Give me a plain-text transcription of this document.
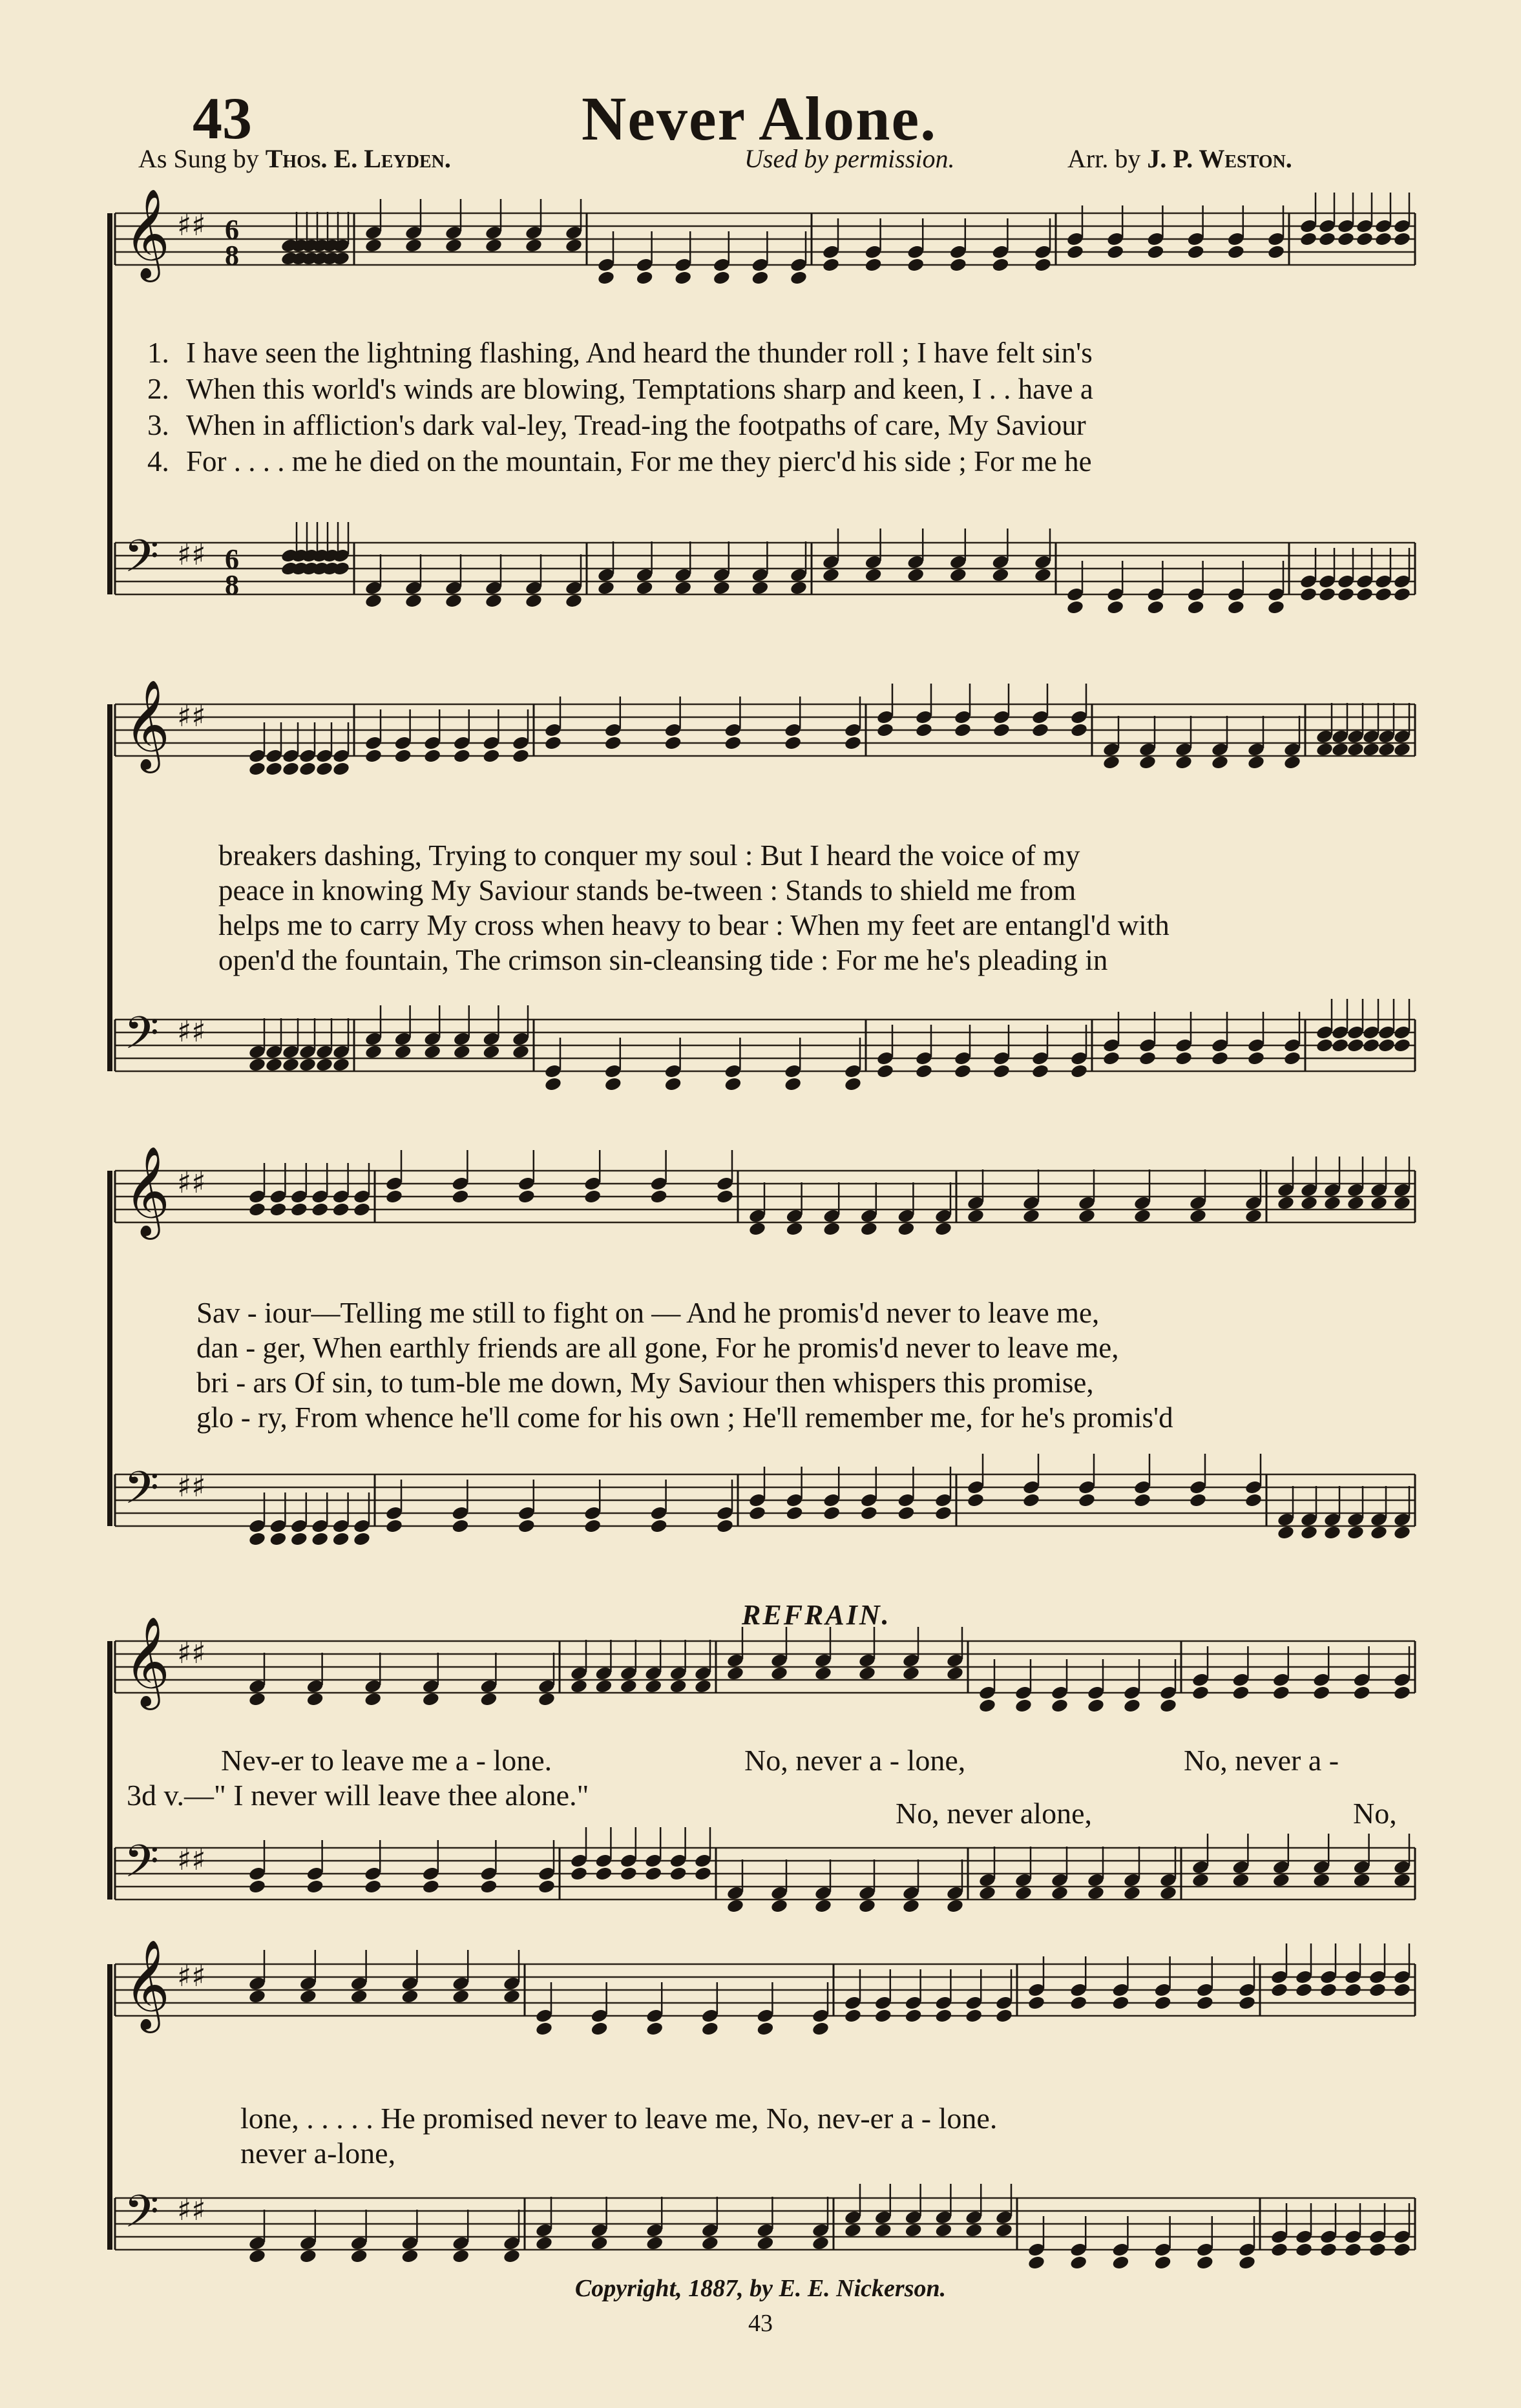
43	Never Alone.
As Sung by Thos. E. Leyden.	Used by permission.	Arr. by J. P. Weston.
𝄞 ♯♯ 6
8
𝄢 ♯♯ 6
8
𝄞 ♯♯
𝄢 ♯♯
𝄞 ♯♯
𝄢 ♯♯
𝄞 ♯♯
𝄢 ♯♯
𝄞 ♯♯
𝄢 ♯♯
1. I have seen the lightning flashing, And heard the thunder roll ; I have felt sin's
2. When this world's winds are blowing, Temptations sharp and keen, I . . have a
3. When in affliction's dark val-ley, Tread-ing the footpaths of care, My Saviour
4. For . . . . me he died on the mountain, For me they pierc'd his side ; For me he
breakers dashing, Trying to conquer my soul : But I heard the voice of my
peace in knowing My Saviour stands be-tween : Stands to shield me from
helps me to carry My cross when heavy to bear : When my feet are entangl'd with
open'd the fountain, The crimson sin-cleansing tide : For me he's pleading in
Sav - iour—Telling me still to fight on — And he promis'd never to leave me,
dan - ger, When earthly friends are all gone, For he promis'd never to leave me,
bri - ars Of sin, to tum-ble me down, My Saviour then whispers this promise,
glo - ry, From whence he'll come for his own ; He'll remember me, for he's promis'd
REFRAIN.
Nev-er to leave me a - lone.	No, never a - lone,	No, never a -
3d v.—" I never will leave thee alone."
No, never alone,	No,
lone, . . . . . He promised never to leave me, No, nev-er a - lone.
never a-lone,
Copyright, 1887, by E. E. Nickerson.
43
